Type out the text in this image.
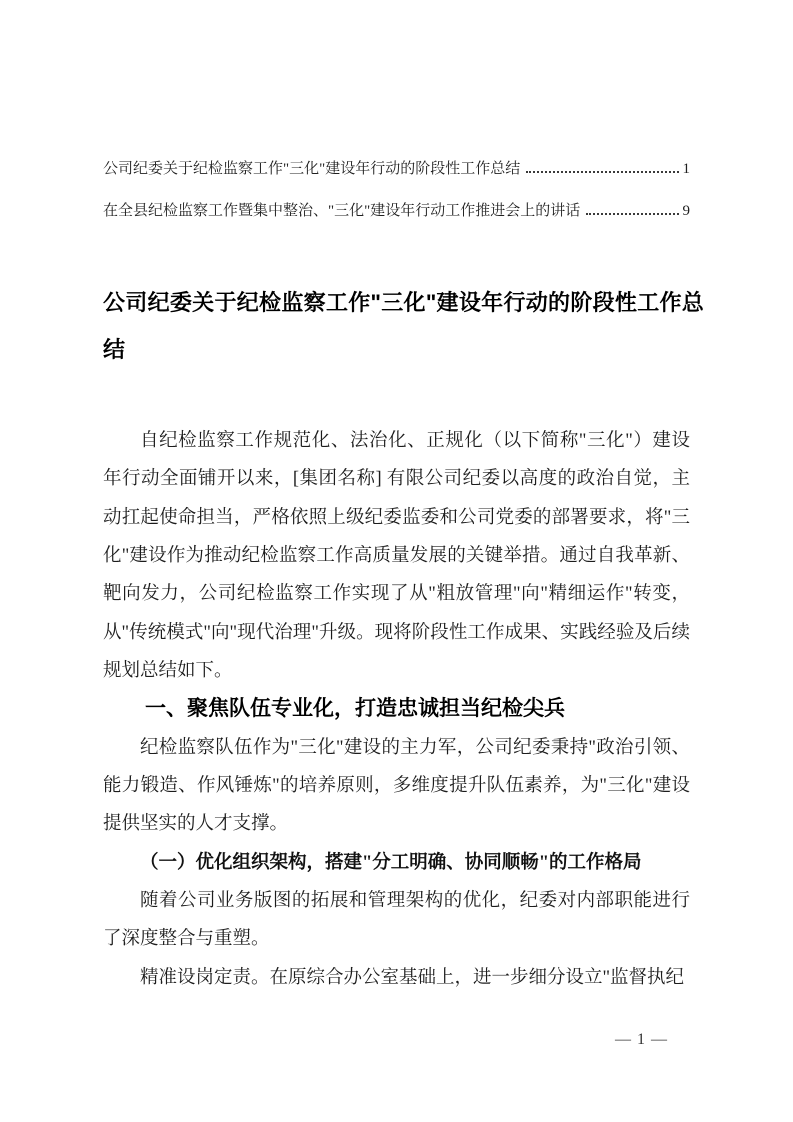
公司纪委关于纪检监察工作"三化"建设年行动的阶段性工作总结	1
在全县纪检监察工作暨集中整治、"三化"建设年行动工作推进会上的讲话	9
公司纪委关于纪检监察工作"三化"建设年行动的阶段性工作总结

自纪检监察工作规范化、法治化、正规化（以下简称"三化"）建设年行动全面铺开以来，[集团名称] 有限公司纪委以高度的政治自觉，主动扛起使命担当，严格依照上级纪委监委和公司党委的部署要求，将"三化"建设作为推动纪检监察工作高质量发展的关键举措。通过自我革新、靶向发力，公司纪检监察工作实现了从"粗放管理"向"精细运作"转变，从"传统模式"向"现代治理"升级。现将阶段性工作成果、实践经验及后续规划总结如下。

一、聚焦队伍专业化，打造忠诚担当纪检尖兵

纪检监察队伍作为"三化"建设的主力军，公司纪委秉持"政治引领、能力锻造、作风锤炼"的培养原则，多维度提升队伍素养，为"三化"建设提供坚实的人才支撑。

（一）优化组织架构，搭建"分工明确、协同顺畅"的工作格局

随着公司业务版图的拓展和管理架构的优化，纪委对内部职能进行了深度整合与重塑。

精准设岗定责。在原综合办公室基础上，进一步细分设立"监督执纪

— 1 —
